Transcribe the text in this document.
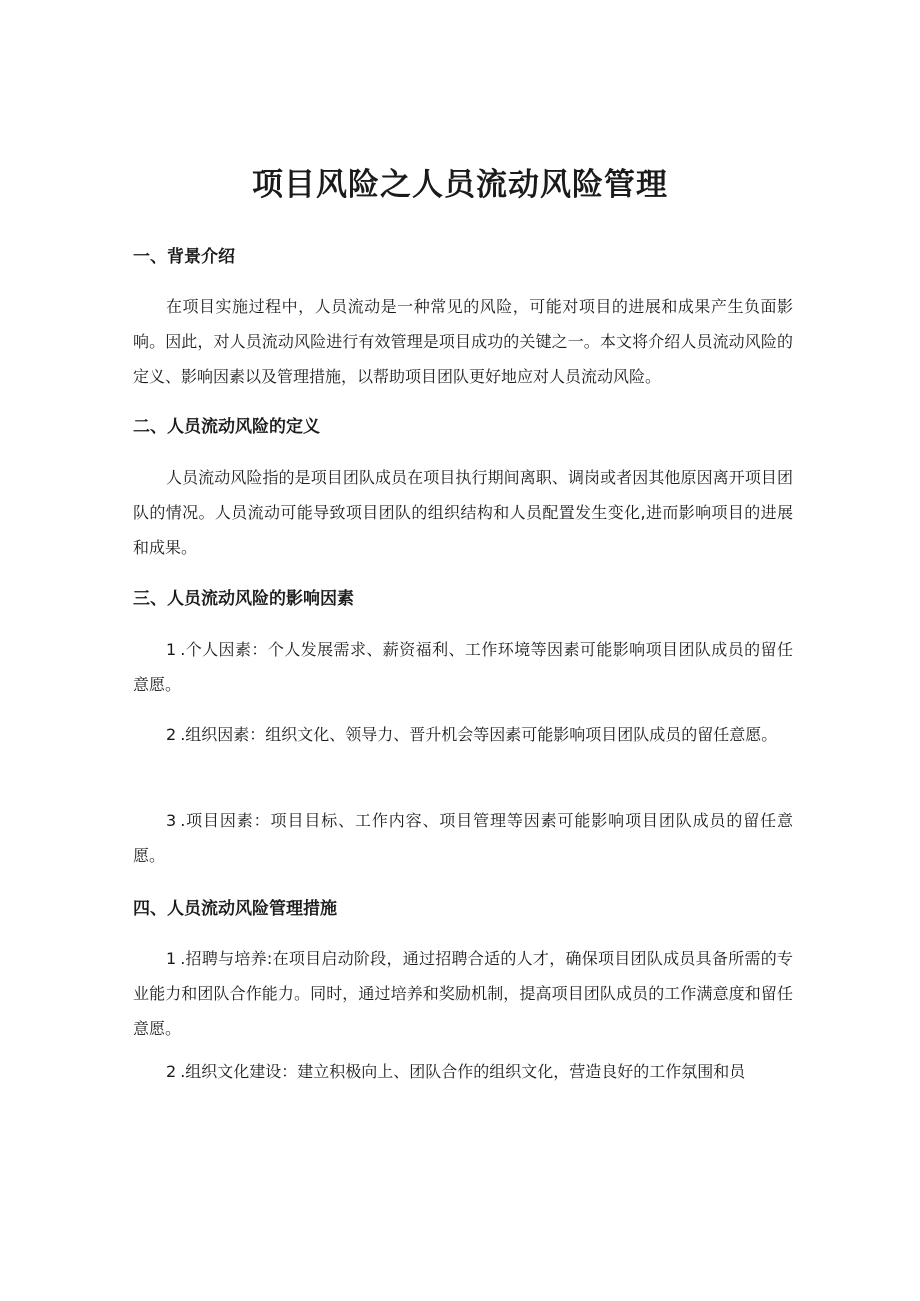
项目风险之人员流动风险管理
一、背景介绍

在项目实施过程中，人员流动是一种常见的风险，可能对项目的进展和成果产生负面影响。因此，对人员流动风险进行有效管理是项目成功的关键之一。本文将介绍人员流动风险的定义、影响因素以及管理措施，以帮助项目团队更好地应对人员流动风险。

二、人员流动风险的定义

人员流动风险指的是项目团队成员在项目执行期间离职、调岗或者因其他原因离开项目团队的情况。人员流动可能导致项目团队的组织结构和人员配置发生变化,进而影响项目的进展和成果。

三、人员流动风险的影响因素

1 .个人因素：个人发展需求、薪资福利、工作环境等因素可能影响项目团队成员的留任意愿。

2 .组织因素：组织文化、领导力、晋升机会等因素可能影响项目团队成员的留任意愿。

3 .项目因素：项目目标、工作内容、项目管理等因素可能影响项目团队成员的留任意愿。

四、人员流动风险管理措施

1 .招聘与培养:在项目启动阶段，通过招聘合适的人才，确保项目团队成员具备所需的专业能力和团队合作能力。同时，通过培养和奖励机制，提高项目团队成员的工作满意度和留任意愿。

2 .组织文化建设：建立积极向上、团队合作的组织文化，营造良好的工作氛围和员
